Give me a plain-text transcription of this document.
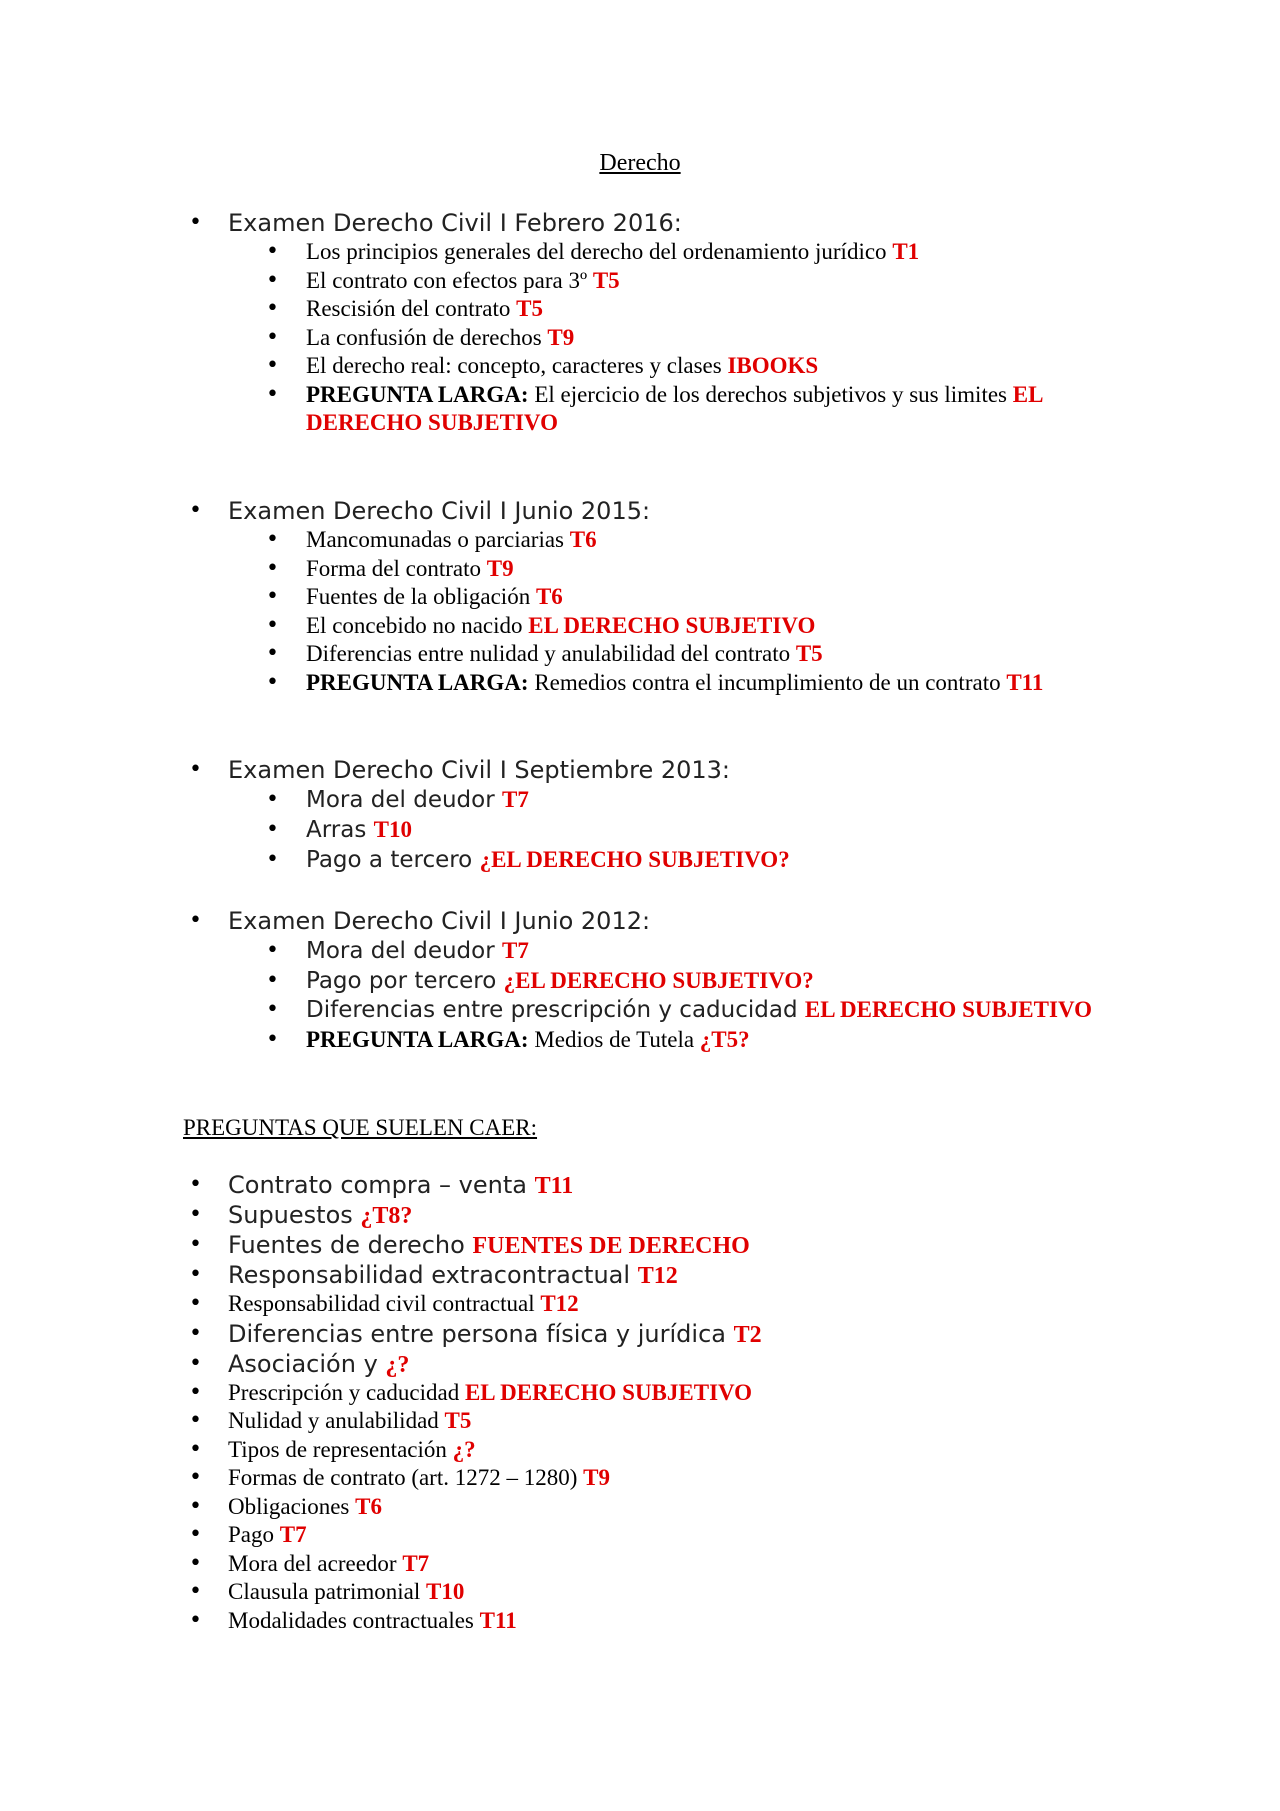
Derecho
• Examen Derecho Civil I Febrero 2016:
• Los principios generales del derecho del ordenamiento jurídico T1
• El contrato con efectos para 3º T5
• Rescisión del contrato T5
• La confusión de derechos T9
• El derecho real: concepto, caracteres y clases IBOOKS
• PREGUNTA LARGA: El ejercicio de los derechos subjetivos y sus limites EL DERECHO SUBJETIVO
• Examen Derecho Civil I Junio 2015:
• Mancomunadas o parciarias T6
• Forma del contrato T9
• Fuentes de la obligación T6
• El concebido no nacido EL DERECHO SUBJETIVO
• Diferencias entre nulidad y anulabilidad del contrato T5
• PREGUNTA LARGA: Remedios contra el incumplimiento de un contrato T11
• Examen Derecho Civil I Septiembre 2013:
• Mora del deudor T7
• Arras T10
• Pago a tercero ¿EL DERECHO SUBJETIVO?
• Examen Derecho Civil I Junio 2012:
• Mora del deudor T7
• Pago por tercero ¿EL DERECHO SUBJETIVO?
• Diferencias entre prescripción y caducidad EL DERECHO SUBJETIVO
• PREGUNTA LARGA: Medios de Tutela ¿T5?
PREGUNTAS QUE SUELEN CAER:
• Contrato compra – venta T11
• Supuestos ¿T8?
• Fuentes de derecho FUENTES DE DERECHO
• Responsabilidad extracontractual T12
• Responsabilidad civil contractual T12
• Diferencias entre persona física y jurídica T2
• Asociación y ¿?
• Prescripción y caducidad EL DERECHO SUBJETIVO
• Nulidad y anulabilidad T5
• Tipos de representación ¿?
• Formas de contrato (art. 1272 – 1280) T9
• Obligaciones T6
• Pago T7
• Mora del acreedor T7
• Clausula patrimonial T10
• Modalidades contractuales T11
